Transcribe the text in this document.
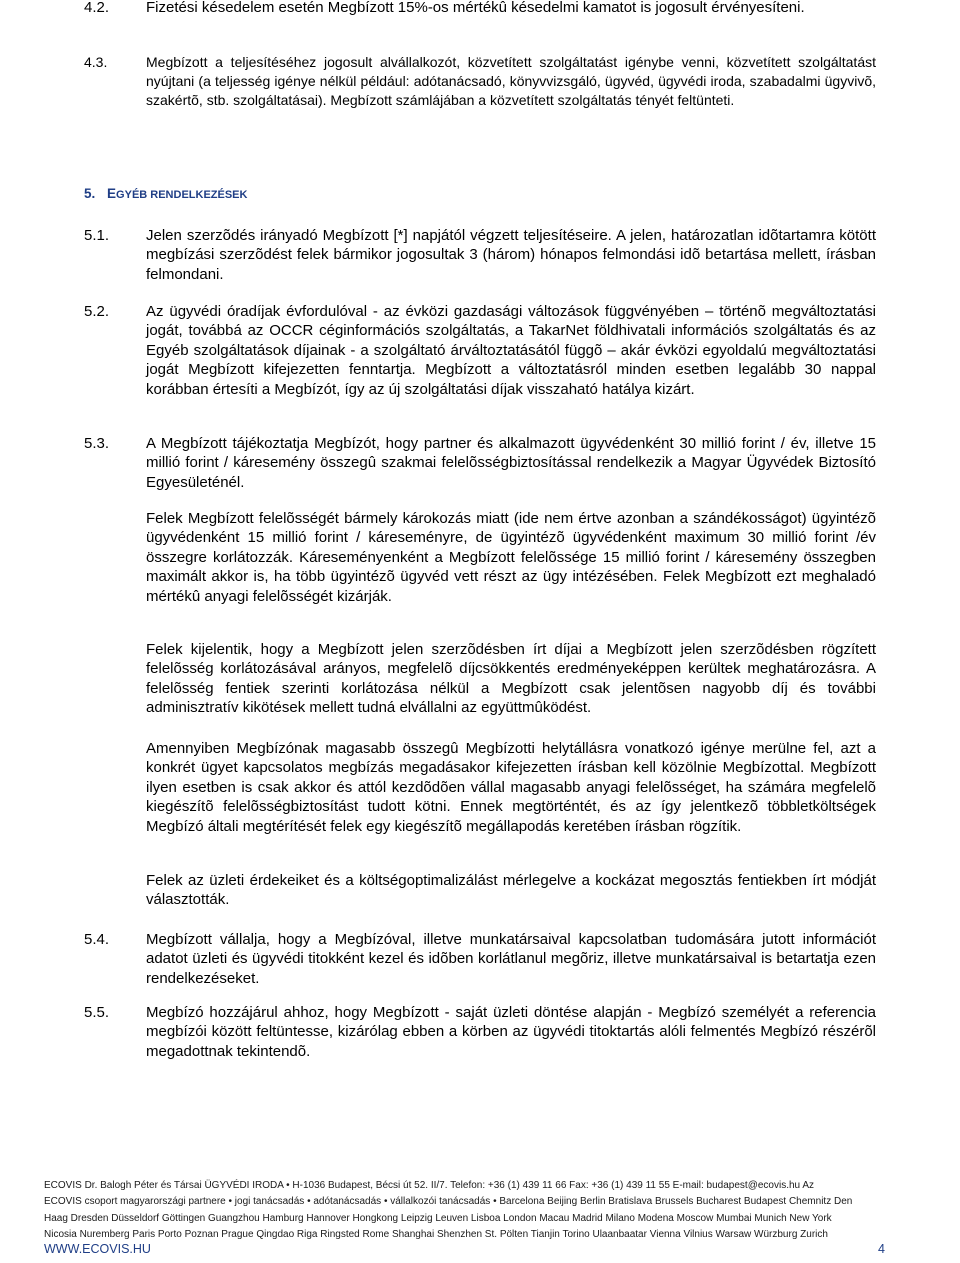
4.2.	Fizetési késedelem esetén Megbízott 15%-os mértékû késedelmi kamatot is jogosult érvényesíteni.

4.3.	Megbízott a teljesítéséhez jogosult alvállalkozót, közvetített szolgáltatást igénybe venni, közvetített szolgáltatást nyújtani (a teljesség igénye nélkül például: adótanácsadó, könyvvizsgáló, ügyvéd, ügyvédi iroda, szabadalmi ügyvivõ, szakértõ, stb. szolgáltatásai). Megbízott számlájában a közvetített szolgáltatás tényét feltünteti.

5. EGYÉB RENDELKEZÉSEK
5.1.	Jelen szerzõdés irányadó Megbízott [*] napjától végzett teljesítéseire. A jelen, határozatlan idõtartamra kötött megbízási szerzõdést felek bármikor jogosultak 3 (három) hónapos felmondási idõ betartása mellett, írásban felmondani.

5.2.	Az ügyvédi óradíjak évfordulóval - az évközi gazdasági változások függvényében – történõ megváltoztatási jogát, továbbá az OCCR céginformációs szolgáltatás, a TakarNet földhivatali információs szolgáltatás és az Egyéb szolgáltatások díjainak - a szolgáltató árváltoztatásától függõ – akár évközi egyoldalú megváltoztatási jogát Megbízott kifejezetten fenntartja. Megbízott a változtatásról minden esetben legalább 30 nappal korábban értesíti a Megbízót, így az új szolgáltatási díjak visszaható hatálya kizárt.

5.3.	A Megbízott tájékoztatja Megbízót, hogy partner és alkalmazott ügyvédenként 30 millió forint / év, illetve 15 millió forint / káresemény összegû szakmai felelõsségbiztosítással rendelkezik a Magyar Ügyvédek Biztosító Egyesületénél.

Felek Megbízott felelõsségét bármely károkozás miatt (ide nem értve azonban a szándékosságot) ügyintézõ ügyvédenként 15 millió forint / káreseményre, de ügyintézõ ügyvédenként maximum 30 millió forint /év összegre korlátozzák. Káreseményenként a Megbízott felelõssége 15 millió forint / káresemény összegben maximált akkor is, ha több ügyintézõ ügyvéd vett részt az ügy intézésében. Felek Megbízott ezt meghaladó mértékû anyagi felelõsségét kizárják.

Felek kijelentik, hogy a Megbízott jelen szerzõdésben írt díjai a Megbízott jelen szerzõdésben rögzített felelõsség korlátozásával arányos, megfelelõ díjcsökkentés eredményeképpen kerültek meghatározásra. A felelõsség fentiek szerinti korlátozása nélkül a Megbízott csak jelentõsen nagyobb díj és további adminisztratív kikötések mellett tudná elvállalni az együttmûködést.

Amennyiben Megbízónak magasabb összegû Megbízotti helytállásra vonatkozó igénye merülne fel, azt a konkrét ügyet kapcsolatos megbízás megadásakor kifejezetten írásban kell közölnie Megbízottal. Megbízott ilyen esetben is csak akkor és attól kezdõdõen vállal magasabb anyagi felelõsséget, ha számára megfelelõ kiegészítõ felelõsségbiztosítást tudott kötni. Ennek megtörténtét, és az így jelentkezõ többletköltségek Megbízó általi megtérítését felek egy kiegészítõ megállapodás keretében írásban rögzítik.

Felek az üzleti érdekeiket és a költségoptimalizálást mérlegelve a kockázat megosztás fentiekben írt módját választották.

5.4.	Megbízott vállalja, hogy a Megbízóval, illetve munkatársaival kapcsolatban tudomására jutott információt adatot üzleti és ügyvédi titokként kezel és idõben korlátlanul megõriz, illetve munkatársaival is betartatja ezen rendelkezéseket.

5.5.	Megbízó hozzájárul ahhoz, hogy Megbízott - saját üzleti döntése alapján - Megbízó személyét a referencia megbízói között feltüntesse, kizárólag ebben a körben az ügyvédi titoktartás alóli felmentés Megbízó részérõl megadottnak tekintendõ.

ECOVIS Dr. Balogh Péter és Társai ÜGYVÉDI IRODA • H-1036 Budapest, Bécsi út 52. II/7. Telefon: +36 (1) 439 11 66 Fax: +36 (1) 439 11 55 E-mail: budapest@ecovis.hu Az
ECOVIS csoport magyarországi partnere • jogi tanácsadás • adótanácsadás • vállalkozói tanácsadás • Barcelona Beijing Berlin Bratislava Brussels Bucharest Budapest Chemnitz Den
Haag Dresden Düsseldorf Göttingen Guangzhou Hamburg Hannover Hongkong Leipzig Leuven Lisboa London Macau Madrid Milano Modena Moscow Mumbai Munich New York
Nicosia Nuremberg Paris Porto Poznan Prague Qingdao Riga Ringsted Rome Shanghai Shenzhen St. Pölten Tianjin Torino Ulaanbaatar Vienna Vilnius Warsaw Würzburg Zurich
WWW.ECOVIS.HU	4
